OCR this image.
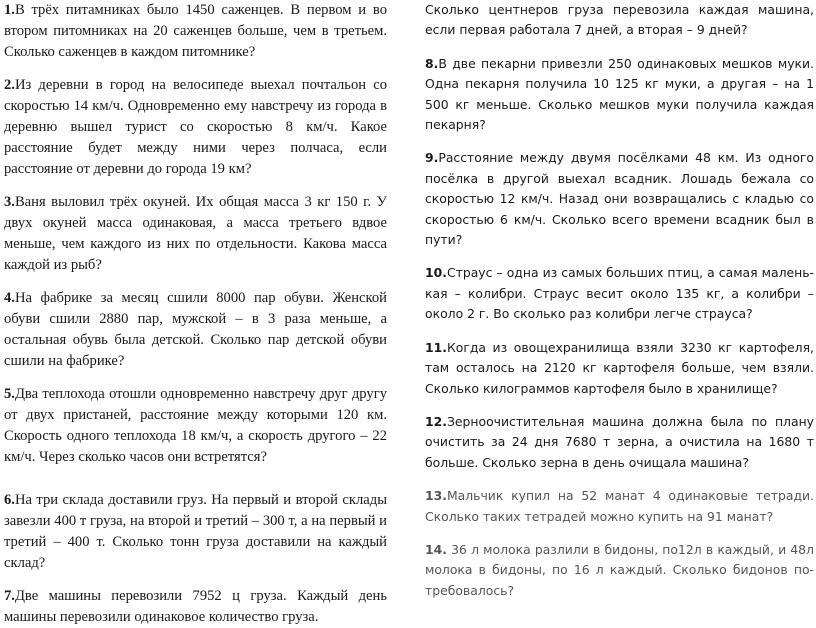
1.В трёх питамниках было 1450 саженцев. В первом и во втором питомниках на 20 саженцев больше, чем в третьем. Сколько саженцев в каждом питомнике?

2.Из деревни в город на велосипеде выехал почтальон со скоростью 14 км/ч. Одновременно ему навстречу из города в деревню вышел турист со скоростью 8 км/ч. Какое расстояние будет между ними через полчаса, если расстояние от деревни до города 19 км?

3.Ваня выловил трёх окуней. Их общая масса 3 кг 150 г. У двух окуней масса одинаковая, а масса третьего вдвое меньше, чем каждого из них по отдельности. Какова масса каждой из рыб?

4.На фабрике за месяц сшили 8000 пар обуви. Женской обуви сшили 2880 пар, мужской – в 3 раза меньше, а остальная обувь была детской. Сколько пар детской обуви сшили на фабрике?

5.Два теплохода отошли одновременно навстречу друг другу от двух пристаней, расстояние между которыми 120 км. Скорость одного теплохода 18 км/ч, а скорость другого – 22 км/ч. Через сколько часов они встретятся?

6.На три склада доставили груз. На первый и второй склады завезли 400 т груза, на второй и третий – 300 т, а на первый и третий – 400 т. Сколько тонн груза доставили на каждый склад?

7.Две машины перевозили 7952 ц груза. Каждый день машины перевозили одинаковое количество груза.

Сколько центнеров груза перевозила каждая машина, если первая работала 7 дней, а вторая – 9 дней?

8.В две пекарни привезли 250 одинаковых мешков муки. Одна пекарня получила 10 125 кг муки, а другая – на 1 500 кг меньше. Сколько мешков муки получила каждая пекарня?

9.Расстояние между двумя посёлками 48 км. Из одного посёлка в другой выехал всадник. Лошадь бежала со скоростью 12 км/ч. Назад они возвращались с кладью со скоростью 6 км/ч. Сколько всего времени всадник был в пути?

10.Страус – одна из самых больших птиц, а самая малень-кая – колибри. Страус весит около 135 кг, а колибри – около 2 г. Во сколько раз колибри легче страуса?

11.Когда из овощехранилища взяли 3230 кг картофеля, там осталось на 2120 кг картофеля больше, чем взяли. Сколько килограммов картофеля было в хранилище?

12.Зерноочистительная машина должна была по плану очистить за 24 дня 7680 т зерна, а очистила на 1680 т больше. Сколько зерна в день очищала машина?

13.Мальчик купил на 52 манат 4 одинаковые тетради. Сколько таких тетрадей можно купить на 91 манат?

14. 36 л молока разлили в бидоны, по12л в каждый, и 48л молока в бидоны, по 16 л каждый. Сколько бидонов по-требовалось?
